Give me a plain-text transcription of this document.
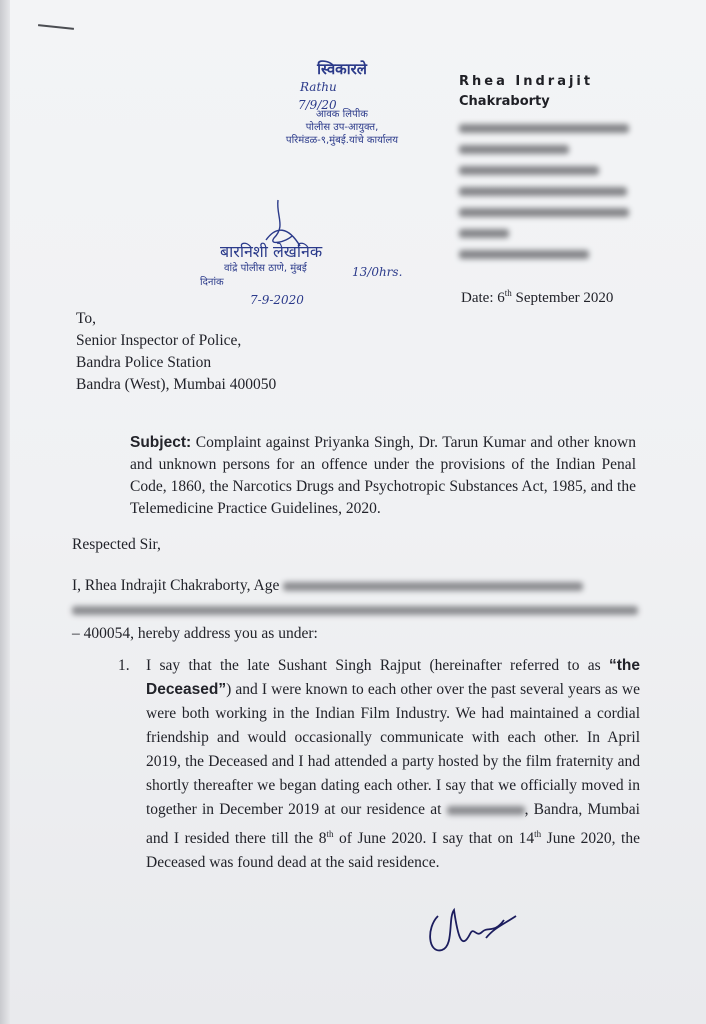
स्विकारले
आवक लिपीक
पोलीस उप-आयुक्त,
परिमंडळ-९,मुंबई.यांचे कार्यालय
Rathu
7/9/20
बारनिशी लेखनिक
वांद्रे पोलीस ठाणे, मुंबई
दिनांक
13/0hrs.
7-9-2020
Rhea Indrajit
Chakraborty
Date: 6th September 2020
To,
Senior Inspector of Police,
Bandra Police Station
Bandra (West), Mumbai 400050
Subject: Complaint against Priyanka Singh, Dr. Tarun Kumar and other known and unknown persons for an offence under the provisions of the Indian Penal Code, 1860, the Narcotics Drugs and Psychotropic Substances Act, 1985, and the Telemedicine Practice Guidelines, 2020.
Respected Sir,
I, Rhea Indrajit Chakraborty, Age

– 400054, hereby address you as under:
1. I say that the late Sushant Singh Rajput (hereinafter referred to as “the Deceased”) and I were known to each other over the past several years as we were both working in the Indian Film Industry. We had maintained a cordial friendship and would occasionally communicate with each other. In April 2019, the Deceased and I had attended a party hosted by the film fraternity and shortly thereafter we began dating each other. I say that we officially moved in together in December 2019 at our residence at	, Bandra, Mumbai and I resided there till the 8th of June 2020. I say that on 14th June 2020, the Deceased was found dead at the said residence.
